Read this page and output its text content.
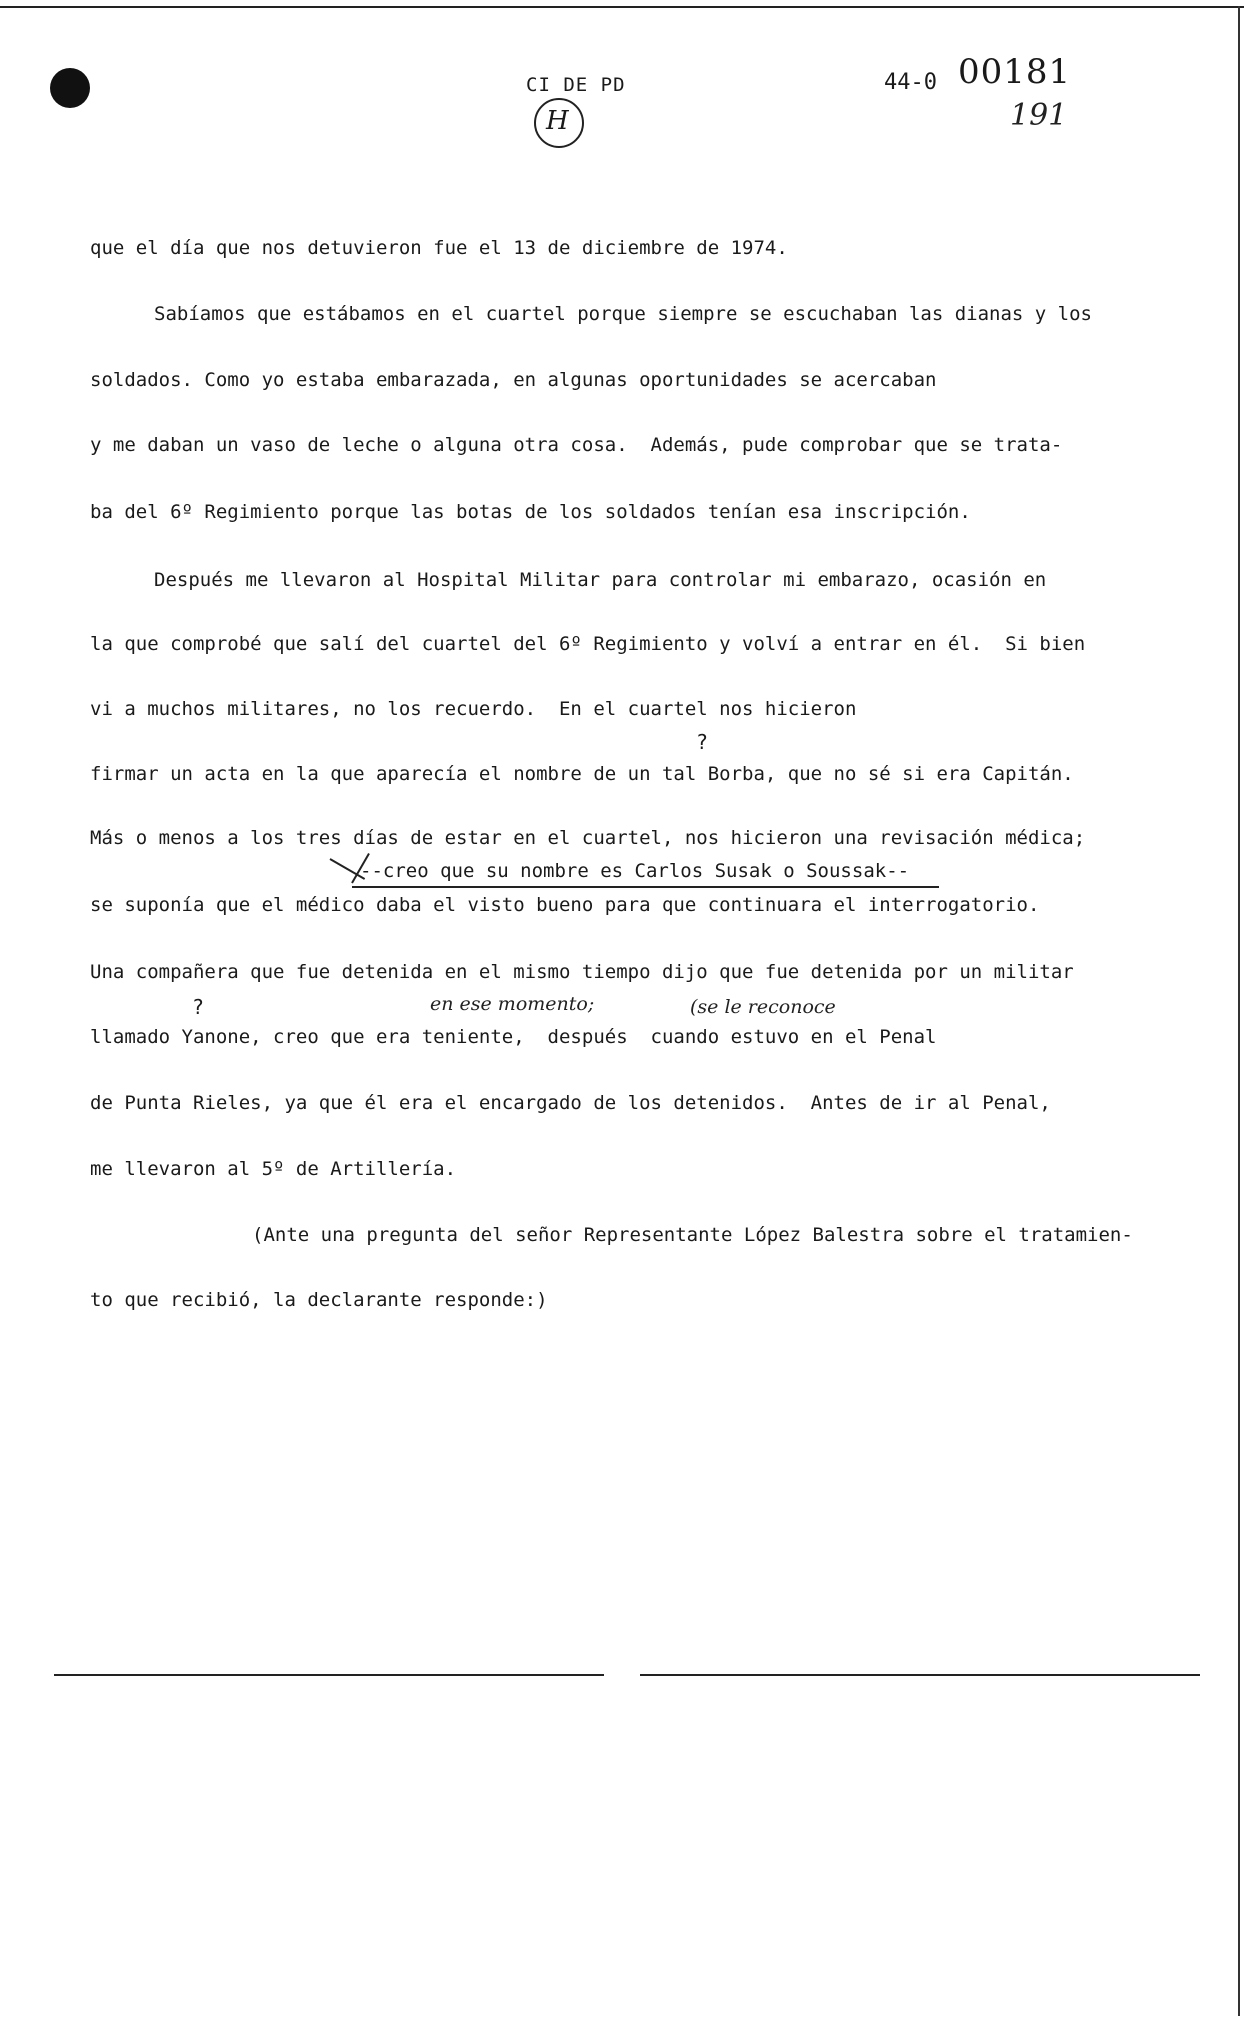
CI DE PD
H
44-0 00181
191
que el día que nos detuvieron fue el 13 de diciembre de 1974.
Sabíamos que estábamos en el cuartel porque siempre se escuchaban las dianas y los
soldados. Como yo estaba embarazada, en algunas oportunidades se acercaban
y me daban un vaso de leche o alguna otra cosa.  Además, pude comprobar que se trata-
ba del 6º Regimiento porque las botas de los soldados tenían esa inscripción.
Después me llevaron al Hospital Militar para controlar mi embarazo, ocasión en
la que comprobé que salí del cuartel del 6º Regimiento y volví a entrar en él.  Si bien
vi a muchos militares, no los recuerdo.  En el cuartel nos hicieron
?
firmar un acta en la que aparecía el nombre de un tal Borba, que no sé si era Capitán.
Más o menos a los tres días de estar en el cuartel, nos hicieron una revisación médica;
--creo que su nombre es Carlos Susak o Soussak--
se suponía que el médico daba el visto bueno para que continuara el interrogatorio.
Una compañera que fue detenida en el mismo tiempo dijo que fue detenida por un militar
?	en ese momento;	(se le reconoce
llamado Yanone, creo que era teniente,  después  cuando estuvo en el Penal
de Punta Rieles, ya que él era el encargado de los detenidos.  Antes de ir al Penal,
me llevaron al 5º de Artillería.
(Ante una pregunta del señor Representante López Balestra sobre el tratamien-
to que recibió, la declarante responde:)
